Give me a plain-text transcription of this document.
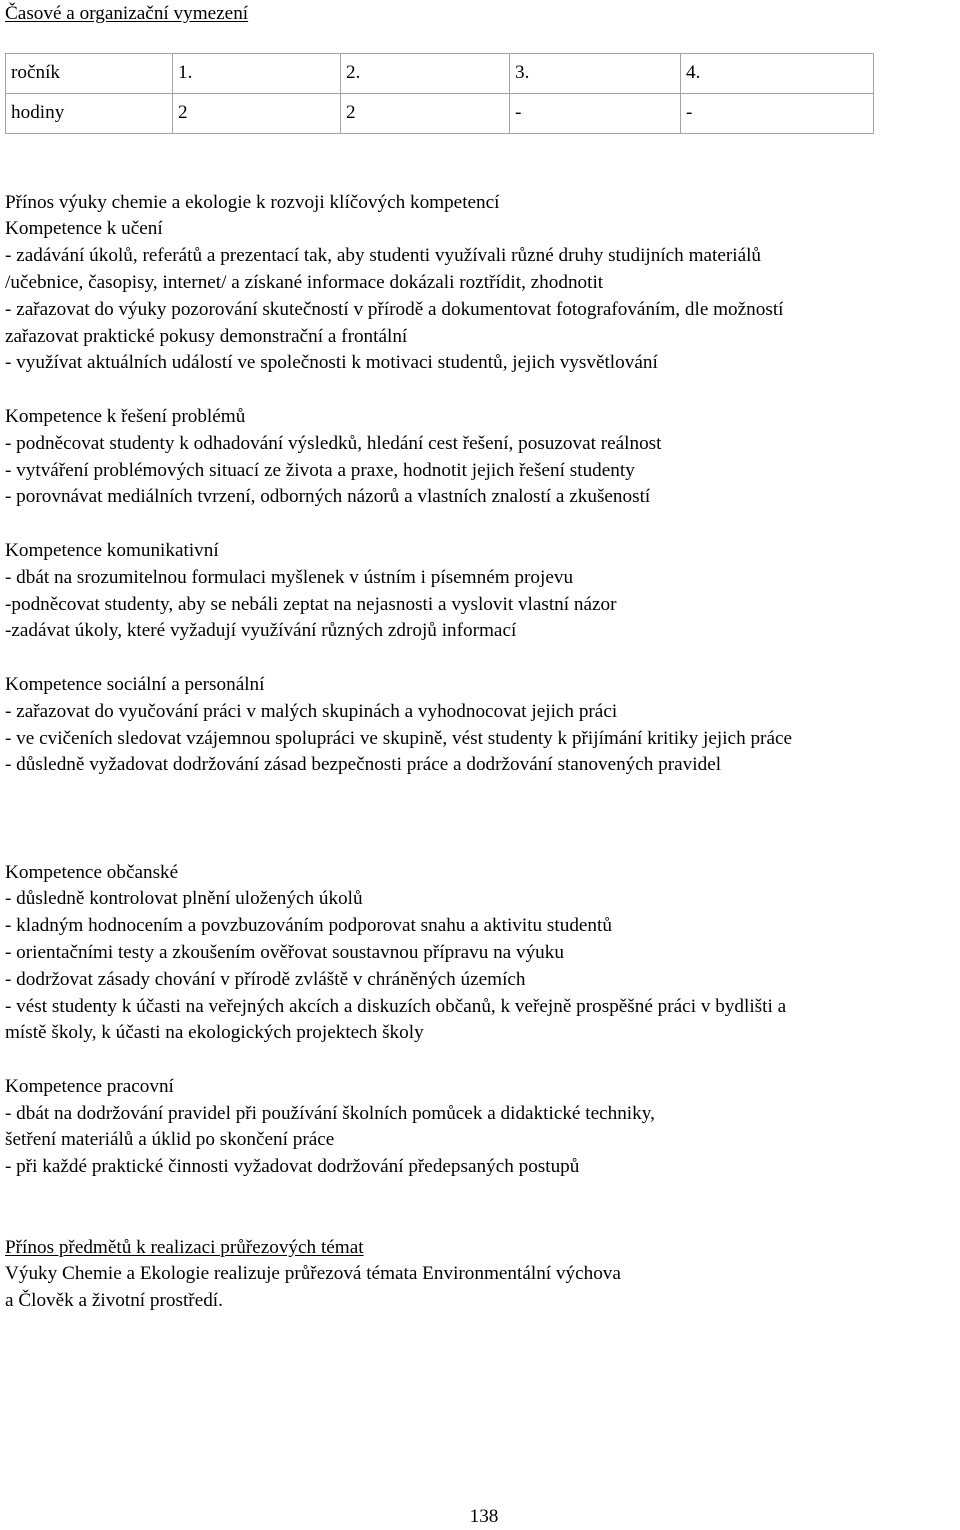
Časové a organizační vymezení
ročník	1.	2.	3.	4.
hodiny	2	2	-	-
Přínos výuky chemie a ekologie k rozvoji klíčových kompetencí
Kompetence k učení
- zadávání úkolů, referátů a prezentací tak, aby studenti využívali různé druhy studijních materiálů
/učebnice, časopisy, internet/ a získané informace dokázali roztřídit, zhodnotit
- zařazovat do výuky pozorování skutečností v přírodě a dokumentovat fotografováním, dle možností
zařazovat praktické pokusy demonstrační a frontální
- využívat aktuálních událostí ve společnosti k motivaci studentů, jejich vysvětlování
Kompetence k řešení problémů
- podněcovat studenty k odhadování výsledků, hledání cest řešení, posuzovat reálnost
- vytváření problémových situací ze života a praxe, hodnotit jejich řešení studenty
- porovnávat mediálních tvrzení, odborných názorů a vlastních znalostí a zkušeností
Kompetence komunikativní
- dbát na srozumitelnou formulaci myšlenek v ústním i písemném projevu
-podněcovat studenty, aby se nebáli zeptat na nejasnosti a vyslovit vlastní názor
-zadávat úkoly, které vyžadují využívání různých zdrojů informací
Kompetence sociální a personální
- zařazovat do vyučování práci v malých skupinách a vyhodnocovat jejich práci
- ve cvičeních sledovat vzájemnou spolupráci ve skupině, vést studenty k přijímání kritiky jejich práce
- důsledně vyžadovat dodržování zásad bezpečnosti práce a dodržování stanovených pravidel
Kompetence občanské
- důsledně kontrolovat plnění uložených úkolů
- kladným hodnocením a povzbuzováním podporovat snahu a aktivitu studentů
- orientačními testy a zkoušením ověřovat soustavnou přípravu na výuku
- dodržovat zásady chování v přírodě zvláště v chráněných územích
- vést studenty k účasti na veřejných akcích a diskuzích občanů, k veřejně prospěšné práci v bydlišti a
místě školy, k účasti na ekologických projektech školy
Kompetence pracovní
- dbát na dodržování pravidel při používání školních pomůcek a didaktické techniky,
šetření materiálů a úklid po skončení práce
- při každé praktické činnosti vyžadovat dodržování předepsaných postupů
Přínos předmětů k realizaci průřezových témat
Výuky Chemie a Ekologie realizuje průřezová témata Environmentální výchova
a Člověk a životní prostředí.
138
